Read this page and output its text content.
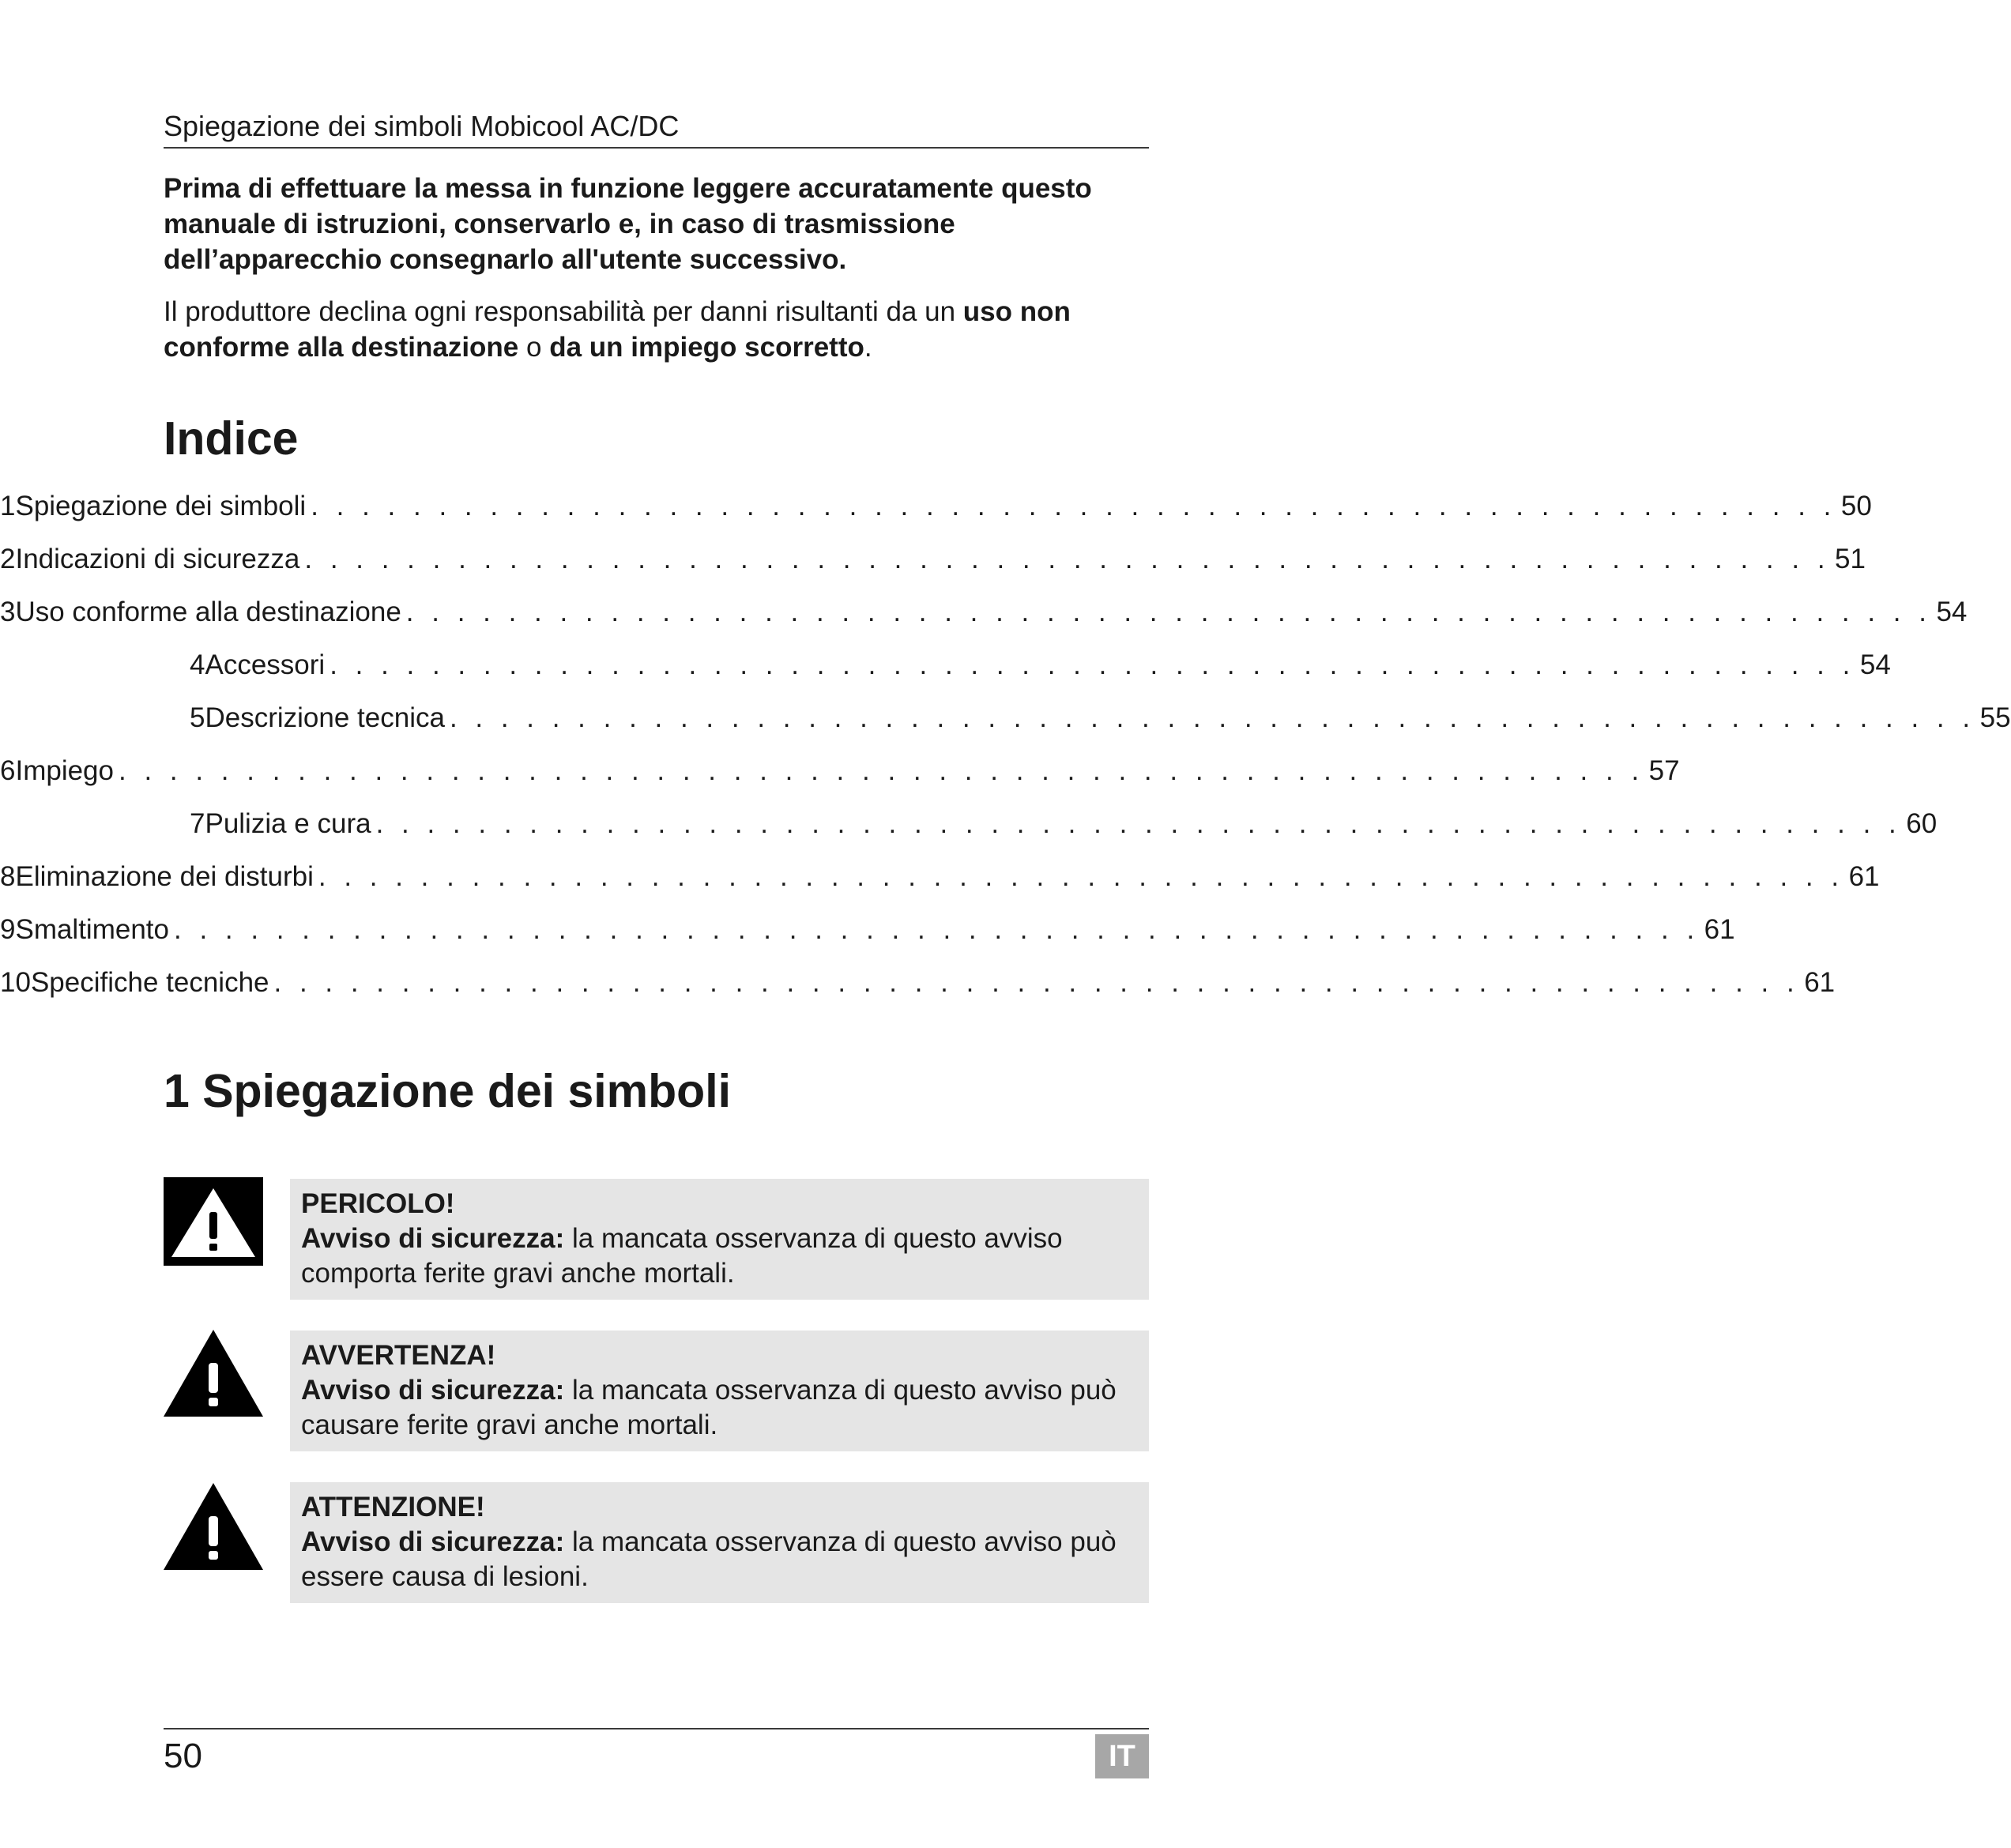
Spiegazione dei simboli Mobicool AC/DC

Prima di effettuare la messa in funzione leggere accuratamente questo manuale di istruzioni, conservarlo e, in caso di trasmissione dell’apparecchio consegnarlo all'utente successivo.

Il produttore declina ogni responsabilità per danni risultanti da un uso non conforme alla destinazione o da un impiego scorretto.

Indice
1 Spiegazione dei simboli . . . . . . . . . . . . . . . . . . . . . . . . . . . . . . . . . . . . . . . . . . . . . . . . . . . . . . . . . . . . 50
2 Indicazioni di sicurezza . . . . . . . . . . . . . . . . . . . . . . . . . . . . . . . . . . . . . . . . . . . . . . . . . . . . . . . . . . . . 51
3 Uso conforme alla destinazione . . . . . . . . . . . . . . . . . . . . . . . . . . . . . . . . . . . . . . . . . . . . . . . . . . . . . . . . . . . . 54
4 Accessori . . . . . . . . . . . . . . . . . . . . . . . . . . . . . . . . . . . . . . . . . . . . . . . . . . . . . . . . . . . . 54
5 Descrizione tecnica . . . . . . . . . . . . . . . . . . . . . . . . . . . . . . . . . . . . . . . . . . . . . . . . . . . . . . . . . . . . 55
6 Impiego . . . . . . . . . . . . . . . . . . . . . . . . . . . . . . . . . . . . . . . . . . . . . . . . . . . . . . . . . . . . 57
7 Pulizia e cura . . . . . . . . . . . . . . . . . . . . . . . . . . . . . . . . . . . . . . . . . . . . . . . . . . . . . . . . . . . . 60
8 Eliminazione dei disturbi . . . . . . . . . . . . . . . . . . . . . . . . . . . . . . . . . . . . . . . . . . . . . . . . . . . . . . . . . . . . 61
9 Smaltimento . . . . . . . . . . . . . . . . . . . . . . . . . . . . . . . . . . . . . . . . . . . . . . . . . . . . . . . . . . . . 61
10 Specifiche tecniche . . . . . . . . . . . . . . . . . . . . . . . . . . . . . . . . . . . . . . . . . . . . . . . . . . . . . . . . . . . . 61
1 Spiegazione dei simboli
PERICOLO!
Avviso di sicurezza: la mancata osservanza di questo avviso comporta ferite gravi anche mortali.
AVVERTENZA!
Avviso di sicurezza: la mancata osservanza di questo avviso può causare ferite gravi anche mortali.
ATTENZIONE!
Avviso di sicurezza: la mancata osservanza di questo avviso può essere causa di lesioni.
50	IT
